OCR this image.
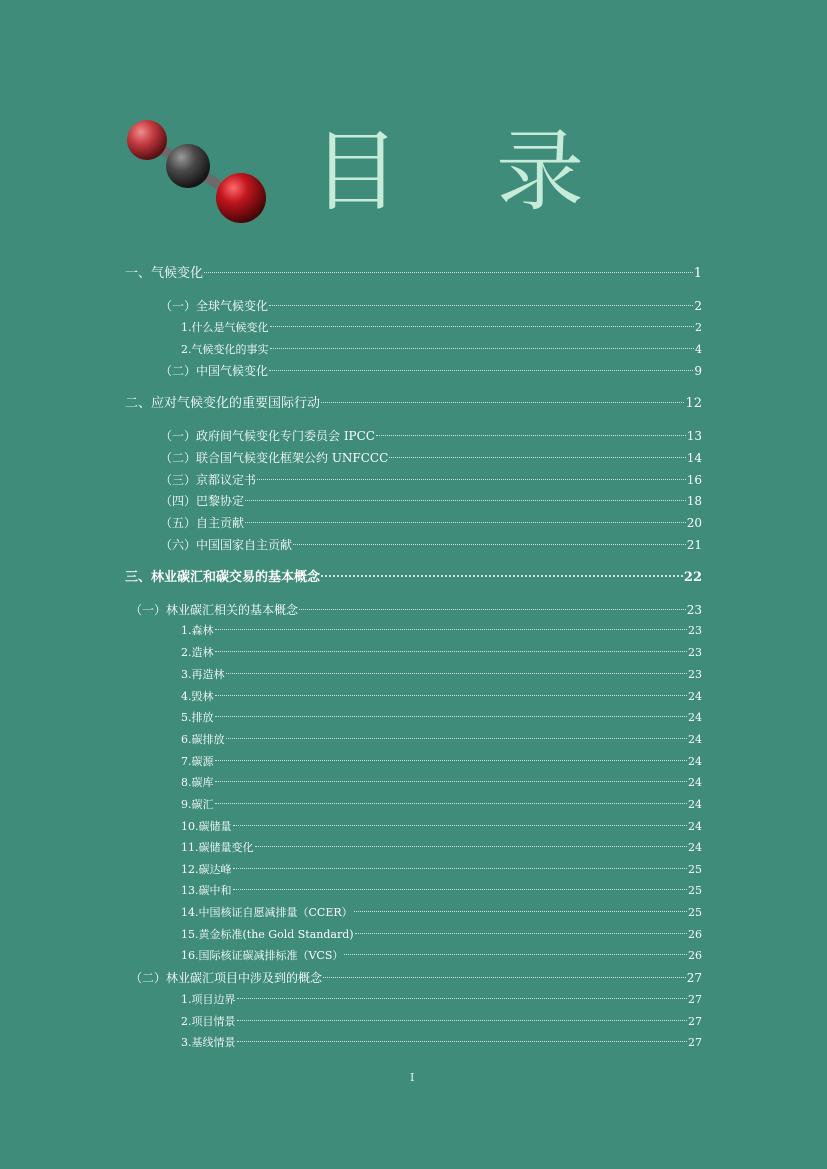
目 录
一、气候变化	1
（一）全球气候变化	2
1.什么是气候变化	2
2.气候变化的事实	4
（二）中国气候变化	9
二、应对气候变化的重要国际行动	12
（一）政府间气候变化专门委员会 IPCC	13
（二）联合国气候变化框架公约 UNFCCC	14
（三）京都议定书	16
（四）巴黎协定	18
（五）自主贡献	20
（六）中国国家自主贡献	21
三、林业碳汇和碳交易的基本概念	22
（一）林业碳汇相关的基本概念	23
1.森林	23
2.造林	23
3.再造林	23
4.毁林	24
5.排放	24
6.碳排放	24
7.碳源	24
8.碳库	24
9.碳汇	24
10.碳储量	24
11.碳储量变化	24
12.碳达峰	25
13.碳中和	25
14.中国核证自愿减排量（CCER）	25
15.黄金标准(the Gold Standard)	26
16.国际核证碳减排标准（VCS）	26
（二）林业碳汇项目中涉及到的概念	27
1.项目边界	27
2.项目情景	27
3.基线情景	27
I
